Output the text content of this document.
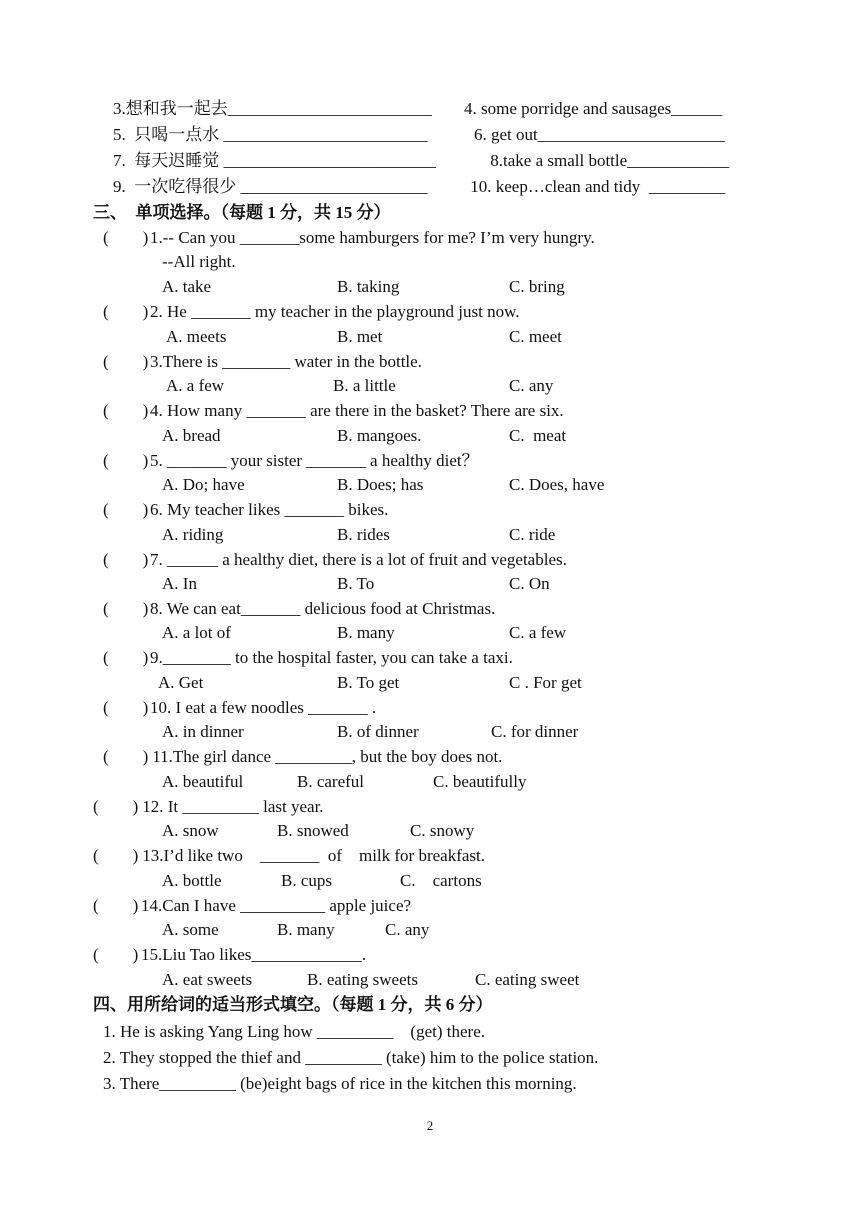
3.想和我一起去________________________ 4. some porridge and sausages______
5.  只喝一点水 ________________________	6. get out______________________
7.  每天迟睡觉 _________________________	8.take a small bottle____________
9.  一次吃得很少 ______________________ 10. keep…clean and tidy  _________
三、  单项选择。（每题 1 分，共 15 分）
(        ) 1.-- Can you _______some hamburgers for me? I’m very hungry.
--All right.
A. take	B. taking	C. bring
(        ) 2. He _______ my teacher in the playground just now.
A. meets	B. met	C. meet
(        ) 3.There is ________ water in the bottle.
A. a few	B. a little	C. any
(        ) 4. How many _______ are there in the basket? There are six.
A. bread	B. mangoes.	C.  meat
(        ) 5. _______ your sister _______ a healthy diet？
A. Do; have	B. Does; has	C. Does, have
(        ) 6. My teacher likes _______ bikes.
A. riding	B. rides	C. ride
(        ) 7. ______ a healthy diet, there is a lot of fruit and vegetables.
A. In	B. To	C. On
(        ) 8. We can eat_______ delicious food at Christmas.
A. a lot of	B. many	C. a few
(        ) 9.________ to the hospital faster, you can take a taxi.
A. Get	B. To get	C . For get
(        ) 10. I eat a few noodles _______ .
A. in dinner	B. of dinner	C. for dinner
(        ) 11.The girl dance _________, but the boy does not.
A. beautiful	B. careful	C. beautifully
(        ) 12. It _________ last year.
A. snow	B. snowed	C. snowy
(        ) 13.I’d like two    _______  of    milk for breakfast.
A. bottle	B. cups	C.    cartons
(        ) 14.Can I have __________ apple juice?
A. some	B. many	C. any
(        ) 15.Liu Tao likes_____________.
A. eat sweets	B. eating sweets	C. eating sweet
四、用所给词的适当形式填空。（每题 1 分，共 6 分）
1. He is asking Yang Ling how _________    (get) there.
2. They stopped the thief and _________ (take) him to the police station.
3. There_________ (be)eight bags of rice in the kitchen this morning.
2
